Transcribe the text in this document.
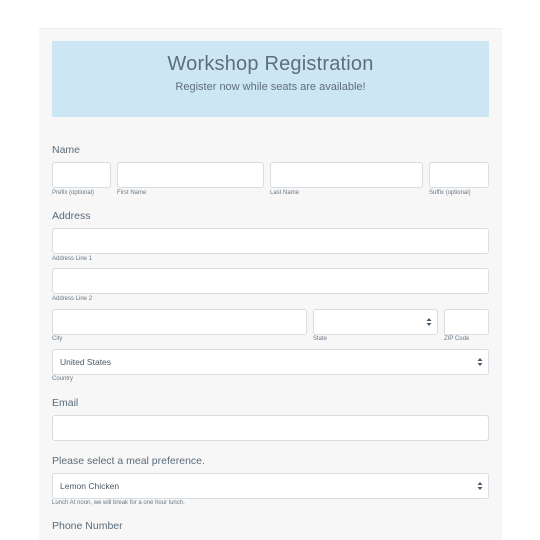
Workshop Registration
Register now while seats are available!
Name
Prefix (optional)	First Name	Last Name	Suffix (optional)
Address
Address Line 1
Address Line 2
City	State	ZIP Code
United States
Country
Email
Please select a meal preference.
Lemon Chicken
Lunch At noon, we will break for a one hour lunch.
Phone Number
